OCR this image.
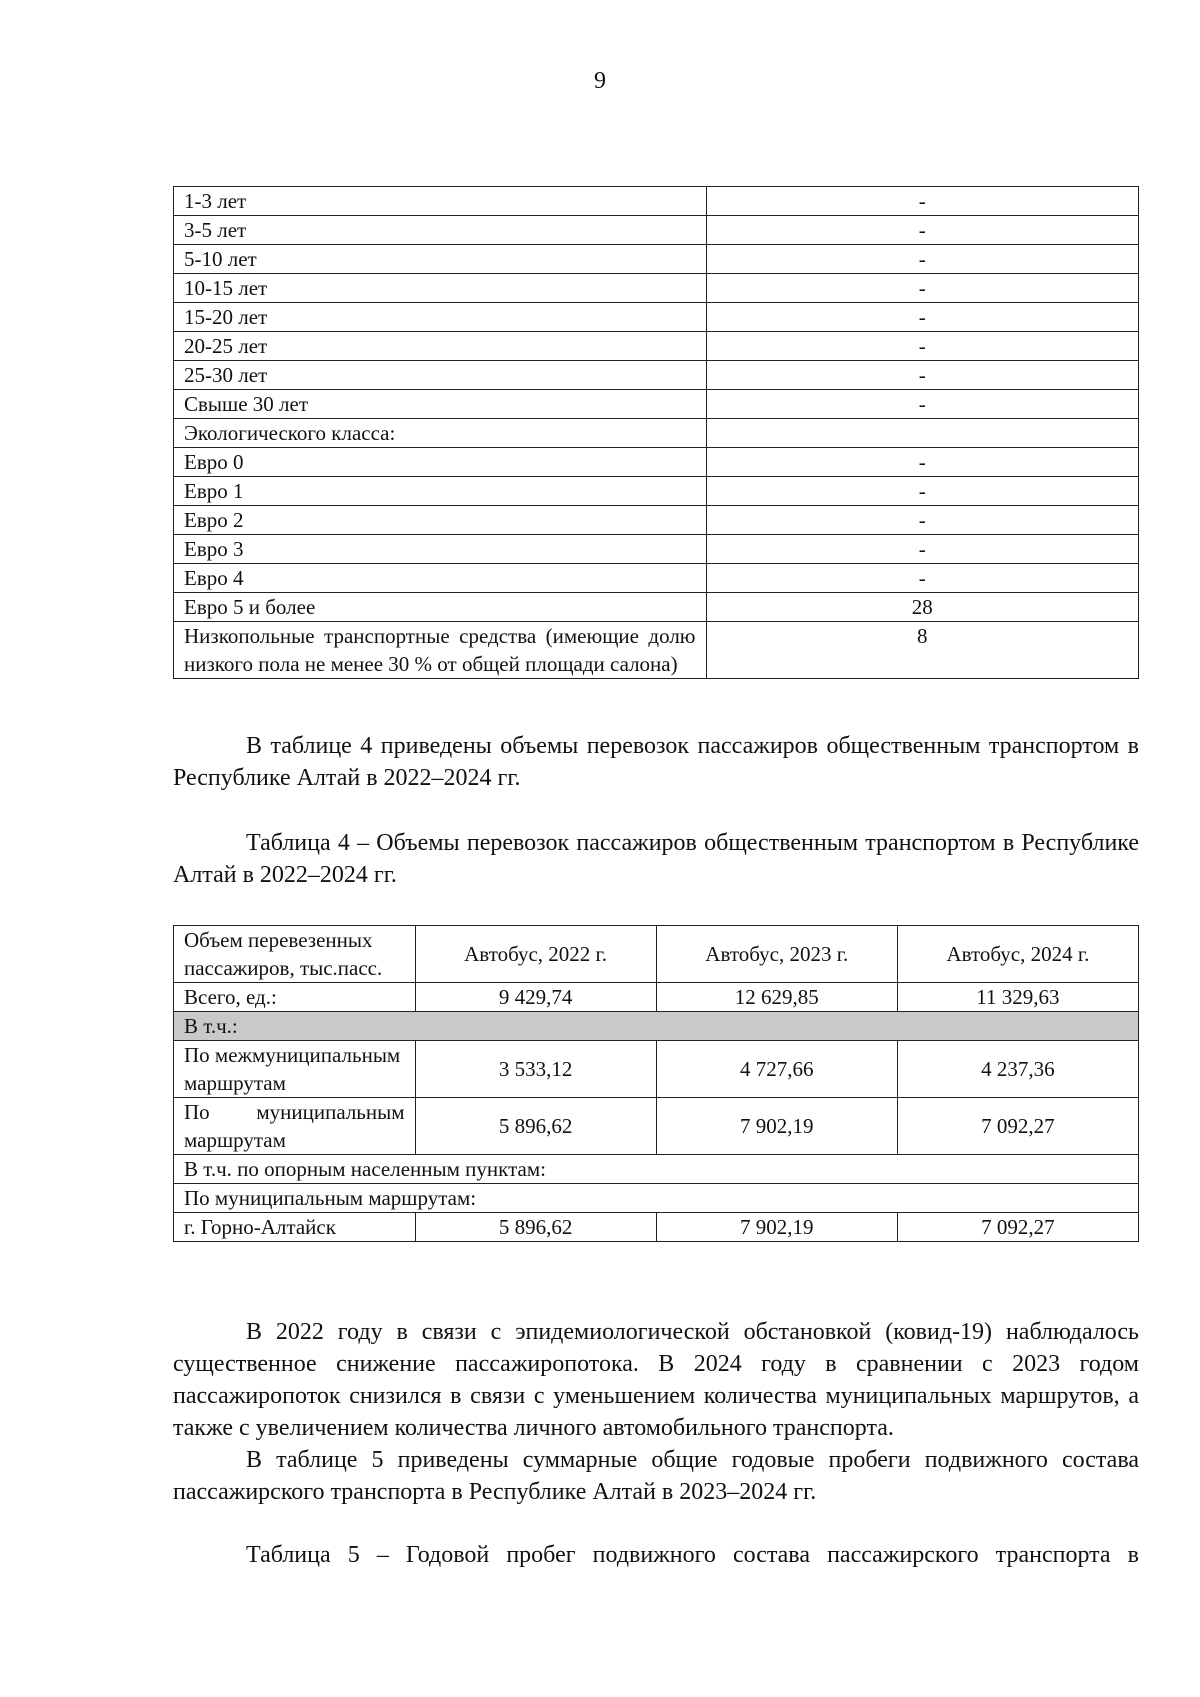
9
1-3 лет	-
3-5 лет	-
5-10 лет	-
10-15 лет	-
15-20 лет	-
20-25 лет	-
25-30 лет	-
Свыше 30 лет	-
Экологического класса:	
Евро 0	-
Евро 1	-
Евро 2	-
Евро 3	-
Евро 4	-
Евро 5 и более	28
Низкопольные транспортные средства (имеющие долю низкого пола не менее 30 % от общей площади салона)	8

В таблице 4 приведены объемы перевозок пассажиров общественным транспортом в Республике Алтай в 2022–2024 гг.

Таблица 4 – Объемы перевозок пассажиров общественным транспортом в Республике Алтай в 2022–2024 гг.

Объем перевезенных пассажиров, тыс.пасс.	Автобус, 2022 г.	Автобус, 2023 г.	Автобус, 2024 г.
Всего, ед.:	9 429,74	12 629,85	11 329,63
В т.ч.:			
По межмуниципальным маршрутам	3 533,12	4 727,66	4 237,36
По муниципальным маршрутам	5 896,62	7 902,19	7 092,27
В т.ч. по опорным населенным пунктам:			
По муниципальным маршрутам:			
г. Горно-Алтайск	5 896,62	7 902,19	7 092,27

В 2022 году в связи с эпидемиологической обстановкой (ковид-19) наблюдалось существенное снижение пассажиропотока. В 2024 году в сравнении с 2023 годом пассажиропоток снизился в связи с уменьшением количества муниципальных маршрутов, а также с увеличением количества личного автомобильного транспорта.

В таблице 5 приведены суммарные общие годовые пробеги подвижного состава пассажирского транспорта в Республике Алтай в 2023–2024 гг.

Таблица 5 – Годовой пробег подвижного состава пассажирского транспорта в
